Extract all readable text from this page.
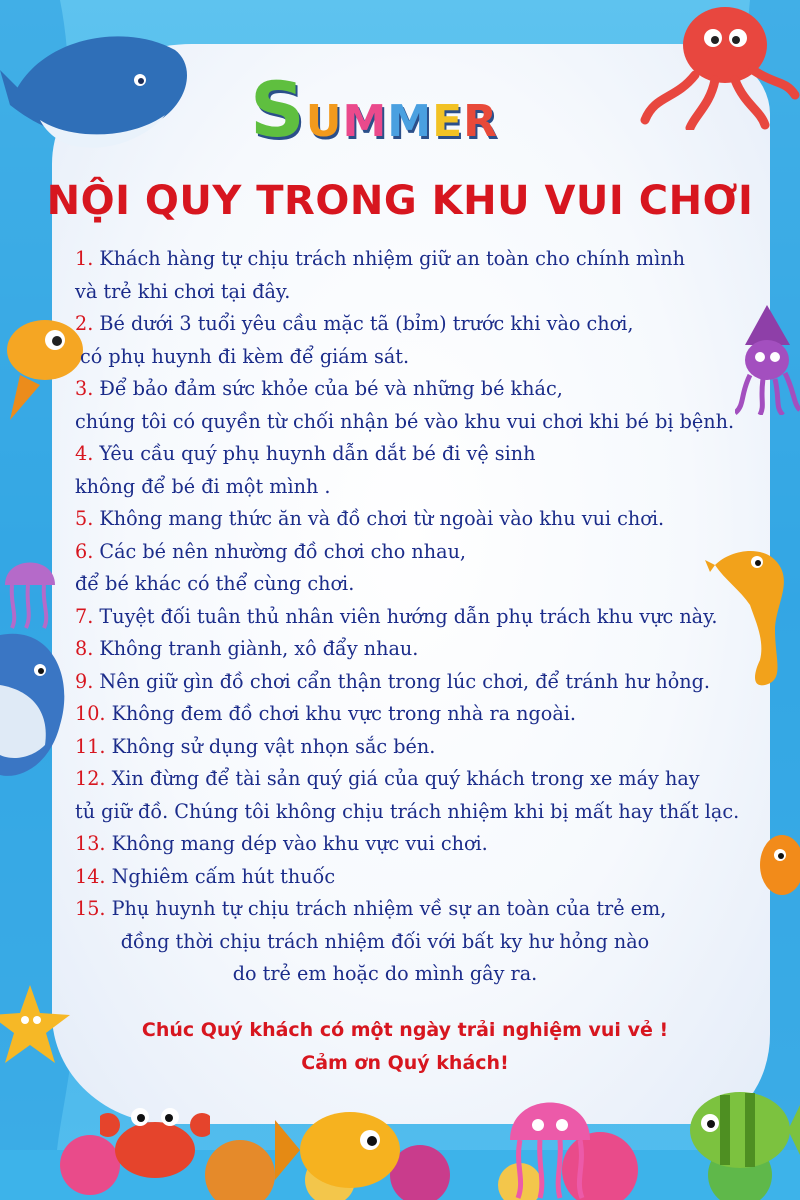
SUMMER
NỘI QUY TRONG KHU VUI CHƠI
1. Khách hàng tự chịu trách nhiệm giữ an toàn cho chính mình
và trẻ khi chơi tại đây.
2. Bé dưới 3 tuổi yêu cầu mặc tã (bỉm) trước khi vào chơi,
có phụ huynh đi kèm để giám sát.
3. Để bảo đảm sức khỏe của bé và những bé khác,
chúng tôi có quyền từ chối nhận bé vào khu vui chơi khi bé bị bệnh.
4. Yêu cầu quý phụ huynh dẫn dắt bé đi vệ sinh
không để bé đi một mình .
5. Không mang thức ăn và đồ chơi từ ngoài vào khu vui chơi.
6. Các bé nên nhường đồ chơi cho nhau,
để bé khác có thể cùng chơi.
7. Tuyệt đối tuân thủ nhân viên hướng dẫn phụ trách khu vực này.
8. Không tranh giành, xô đẩy nhau.
9. Nên giữ gìn đồ chơi cẩn thận trong lúc chơi, để tránh hư hỏng.
10. Không đem đồ chơi khu vực trong nhà ra ngoài.
11. Không sử dụng vật nhọn sắc bén.
12. Xin đừng để tài sản quý giá của quý khách trong xe máy hay
tủ giữ đồ. Chúng tôi không chịu trách nhiệm khi bị mất hay thất lạc.
13. Không mang dép vào khu vực vui chơi.
14. Nghiêm cấm hút thuốc
15. Phụ huynh tự chịu trách nhiệm về sự an toàn của trẻ em,
đồng thời chịu trách nhiệm đối với bất ky hư hỏng nào
do trẻ em hoặc do mình gây ra.
Chúc Quý khách có một ngày trải nghiệm vui vẻ !
Cảm ơn Quý khách!
